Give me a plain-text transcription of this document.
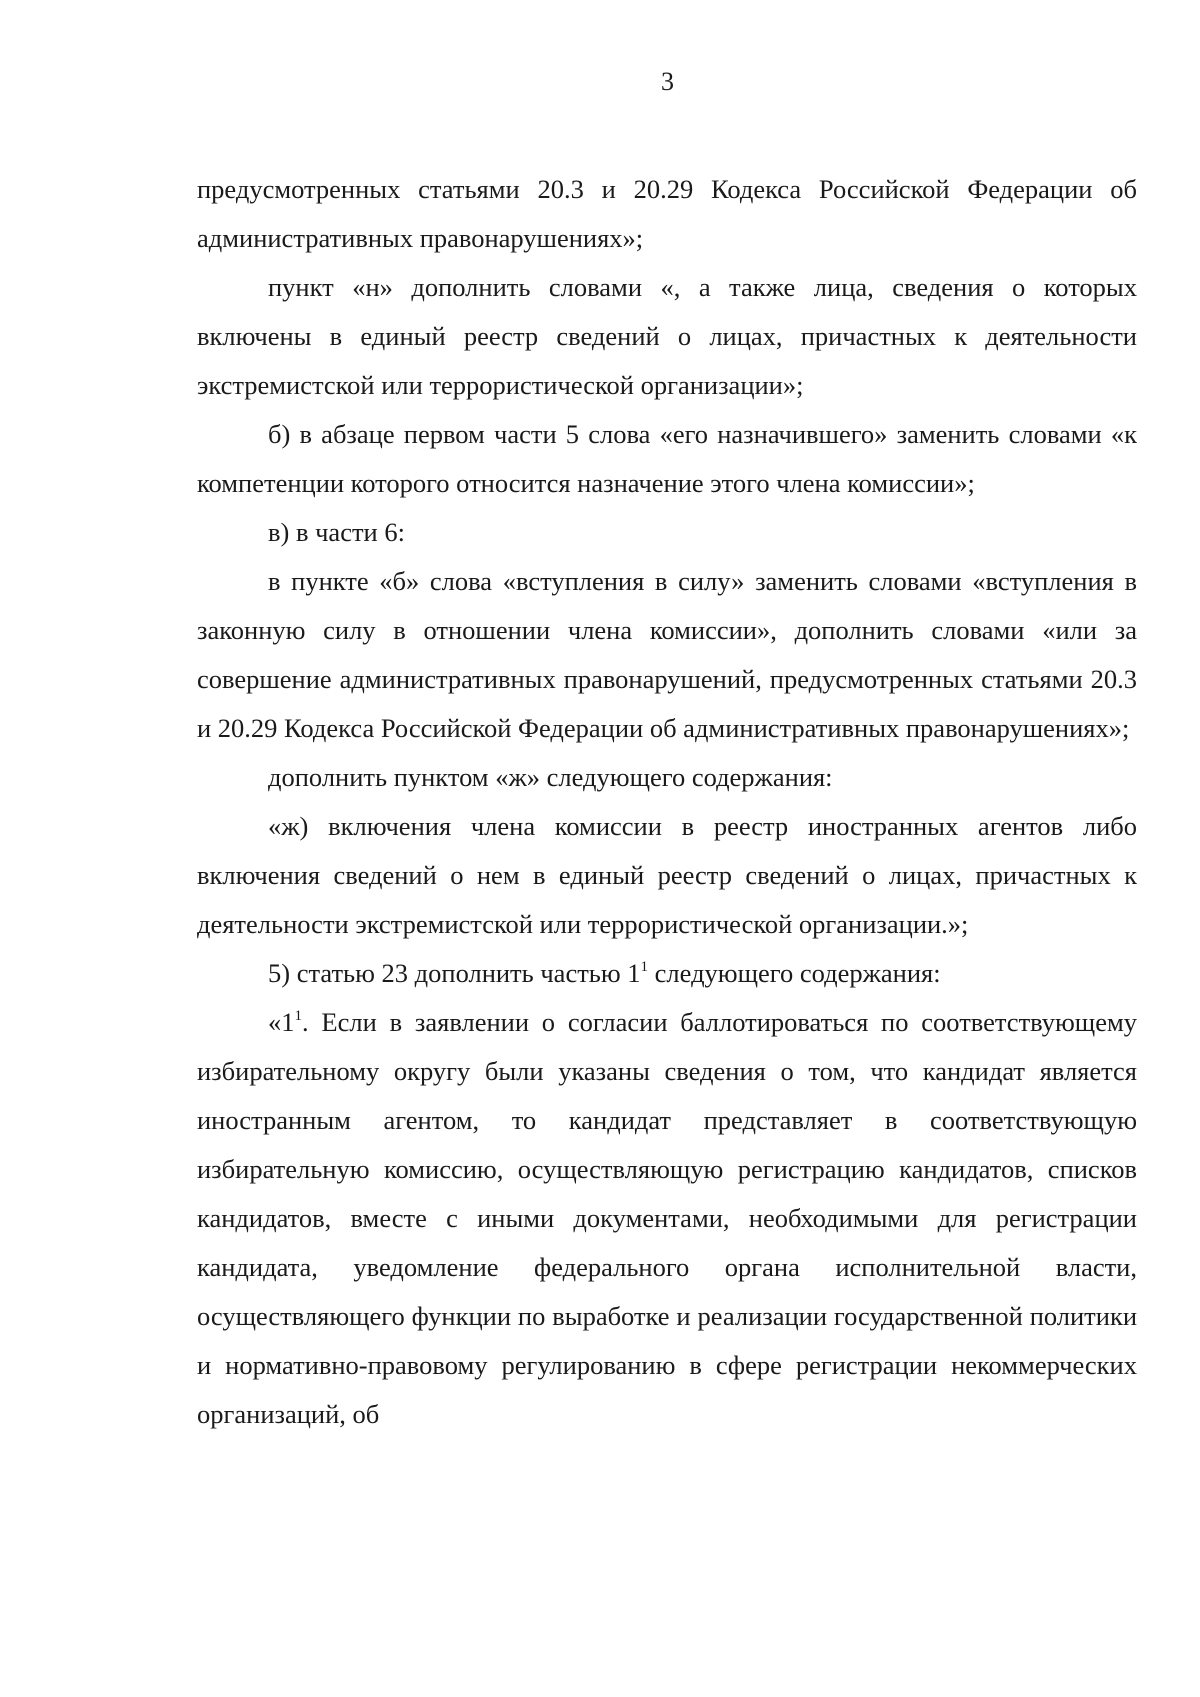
3

предусмотренных статьями 20.3 и 20.29 Кодекса Российской Федерации об административных правонарушениях»;

пункт «н» дополнить словами «, а также лица, сведения о которых включены в единый реестр сведений о лицах, причастных к деятельности экстремистской или террористической организации»;

б) в абзаце первом части 5 слова «его назначившего» заменить словами «к компетенции которого относится назначение этого члена комиссии»;

в) в части 6:

в пункте «б» слова «вступления в силу» заменить словами «вступления в законную силу в отношении члена комиссии», дополнить словами «или за совершение административных правонарушений, предусмотренных статьями 20.3 и 20.29 Кодекса Российской Федерации об административных правонарушениях»;

дополнить пунктом «ж» следующего содержания:

«ж) включения члена комиссии в реестр иностранных агентов либо включения сведений о нем в единый реестр сведений о лицах, причастных к деятельности экстремистской или террористической организации.»;

5) статью 23 дополнить частью $1^1$ следующего содержания:

«$1^1$. Если в заявлении о согласии баллотироваться по соответствующему избирательному округу были указаны сведения о том, что кандидат является иностранным агентом, то кандидат представляет в соответствующую избирательную комиссию, осуществляющую регистрацию кандидатов, списков кандидатов, вместе с иными документами, необходимыми для регистрации кандидата, уведомление федерального органа исполнительной власти, осуществляющего функции по выработке и реализации государственной политики и нормативно-правовому регулированию в сфере регистрации некоммерческих организаций, об
